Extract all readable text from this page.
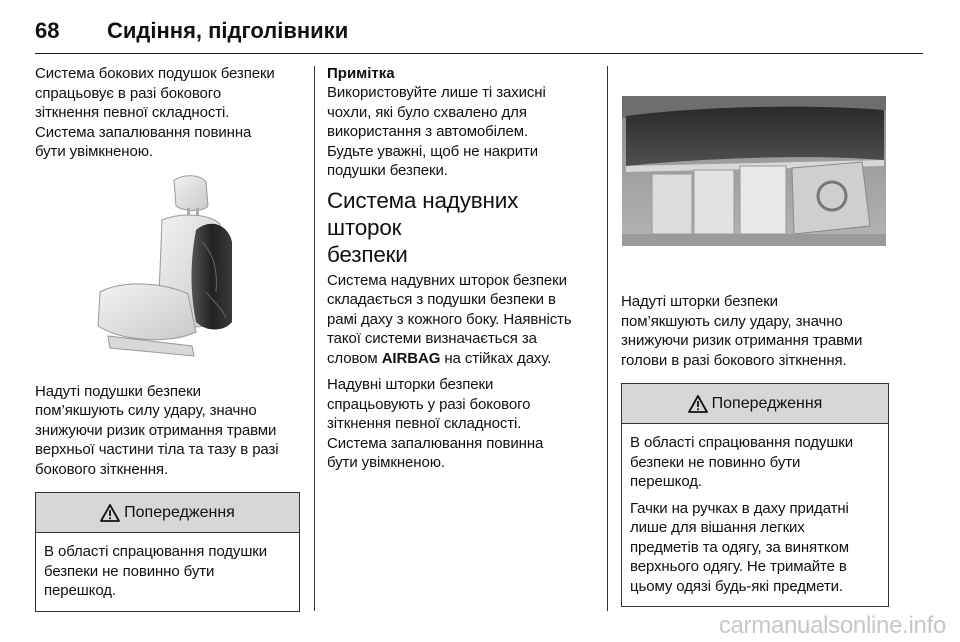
68 Сидіння, підголівники

Система бокових подушок безпеки
спрацьовує в разі бокового
зіткнення певної складності.
Система запалювання повинна
бути увімкненою.

Надуті подушки безпеки
пом’якшують силу удару, значно
знижуючи ризик отримання травми
верхньої частини тіла та тазу в разі
бокового зіткнення.

Попередження

В області спрацювання подушки
безпеки не повинно бути
перешкод.

Примітка

Використовуйте лише ті захисні
чохли, які було схвалено для
використання з автомобілем.
Будьте уважні, щоб не накрити
подушки безпеки.

Система надувних шторок
безпеки

Система надувних шторок безпеки
складається з подушки безпеки в
рамі даху з кожного боку. Наявність
такої системи визначається за
словом AIRBAG на стійках даху.

Надувні шторки безпеки
спрацьовують у разі бокового
зіткнення певної складності.
Система запалювання повинна
бути увімкненою.

Надуті шторки безпеки
пом’якшують силу удару, значно
знижуючи ризик отримання травми
голови в разі бокового зіткнення.

Попередження

В області спрацювання подушки
безпеки не повинно бути
перешкод.

Гачки на ручках в даху придатні
лише для вішання легких
предметів та одягу, за винятком
верхнього одягу. Не тримайте в
цьому одязі будь-які предмети.

carmanualsonline.info
